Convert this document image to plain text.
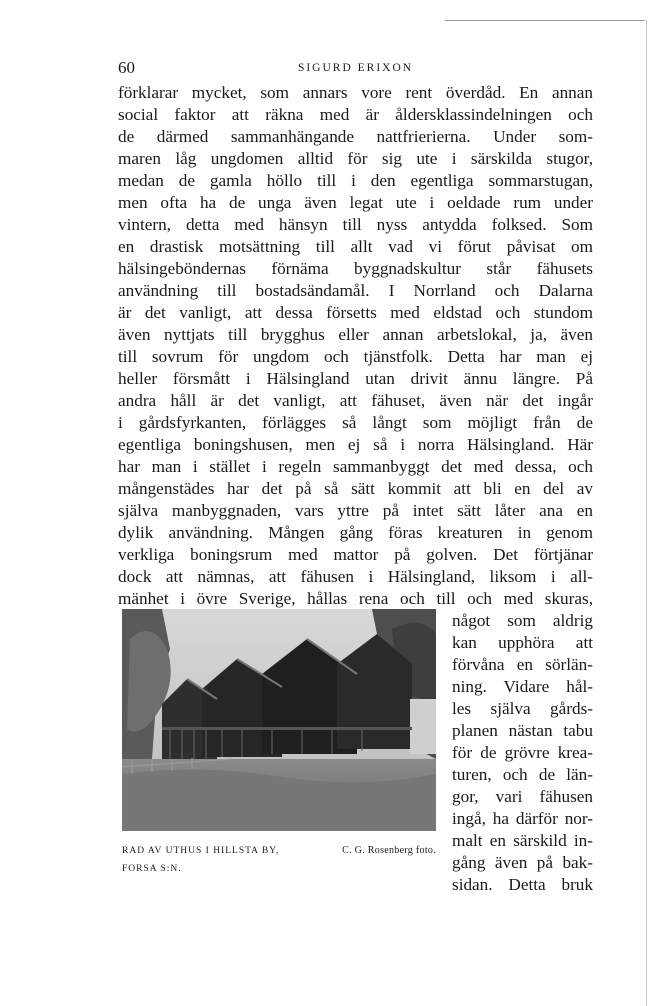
60	SIGURD ERIXON
förklarar mycket, som annars vore rent överdåd. En annan
social faktor att räkna med är åldersklassindelningen och
de därmed sammanhängande nattfrierierna. Under som-
maren låg ungdomen alltid för sig ute i särskilda stugor,
medan de gamla höllo till i den egentliga sommarstugan,
men ofta ha de unga även legat ute i oeldade rum under
vintern, detta med hänsyn till nyss antydda folksed. Som
en drastisk motsättning till allt vad vi förut påvisat om
hälsingeböndernas förnäma byggnadskultur står fähusets
användning till bostadsändamål. I Norrland och Dalarna
är det vanligt, att dessa försetts med eldstad och stundom
även nyttjats till brygghus eller annan arbetslokal, ja, även
till sovrum för ungdom och tjänstfolk. Detta har man ej
heller försmått i Hälsingland utan drivit ännu längre. På
andra håll är det vanligt, att fähuset, även när det ingår
i gårdsfyrkanten, förlägges så långt som möjligt från de
egentliga boningshusen, men ej så i norra Hälsingland. Här
har man i stället i regeln sammanbyggt det med dessa, och
mångenstädes har det på så sätt kommit att bli en del av
själva manbyggnaden, vars yttre på intet sätt låter ana en
dylik användning. Mången gång föras kreaturen in genom
verkliga boningsrum med mattor på golven. Det förtjänar
dock att nämnas, att fähusen i Hälsingland, liksom i all-
mänhet i övre Sverige, hållas rena och till och med skuras,
något som aldrig
kan upphöra att
förvåna en sörlän-
ning. Vidare hål-
les själva gårds-
planen nästan tabu
för de grövre krea-
turen, och de län-
gor, vari fähusen
ingå, ha därför nor-
malt en särskild in-
gång även på bak-
sidan. Detta bruk
RAD AV UTHUS I HILLSTA BY,	C. G. Rosenberg foto.
FORSA S:N.
